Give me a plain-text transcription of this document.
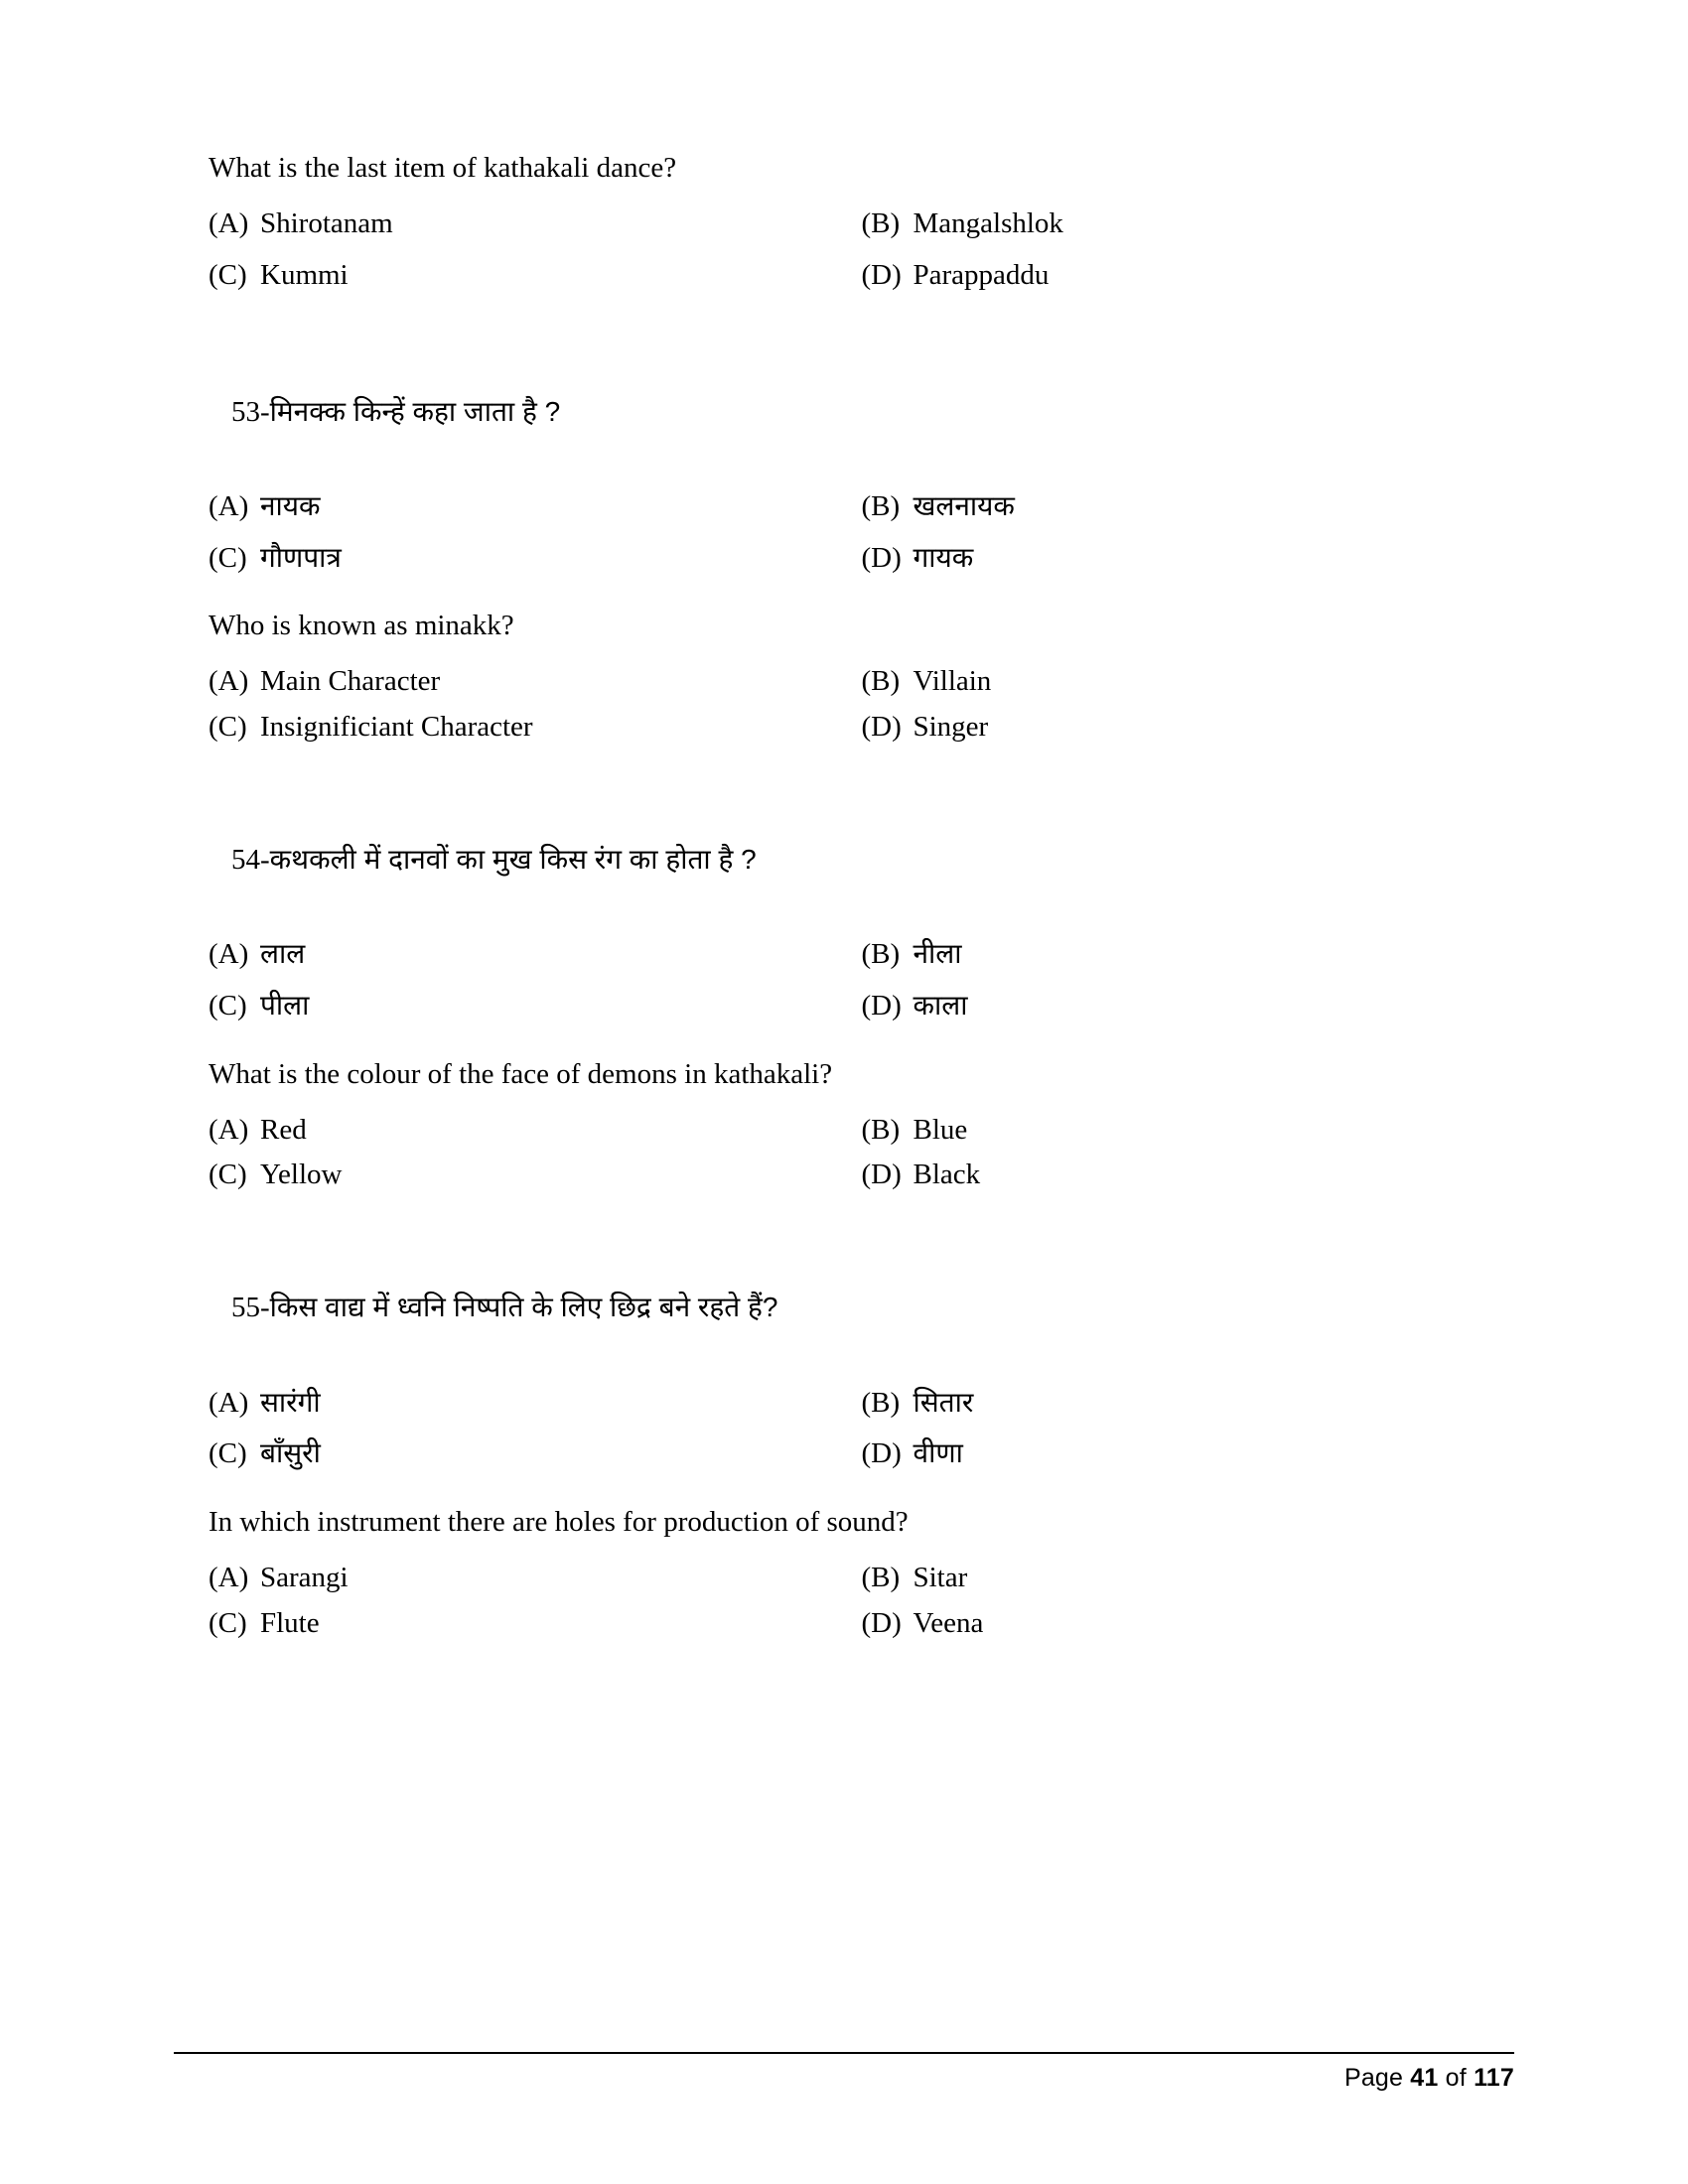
What is the last item of kathakali dance?

(A) Shirotanam	(B) Mangalshlok
(C) Kummi	(D) Parappaddu

53-मिनक्क किन्हें कहा जाता है ?

(A) नायक	(B) खलनायक
(C) गौणपात्र	(D) गायक

Who is known as minakk?

(A) Main Character	(B) Villain
(C) Insignificiant Character	(D) Singer

54-कथकली में दानवों का मुख किस रंग का होता है ?

(A) लाल	(B) नीला
(C) पीला	(D) काला

What is the colour of the face of demons in kathakali?

(A) Red	(B) Blue
(C) Yellow	(D) Black

55-किस वाद्य में ध्वनि निष्पति के लिए छिद्र बने रहते हैं?

(A) सारंगी	(B) सितार
(C) बाँसुरी	(D) वीणा

In which instrument there are holes for production of sound?

(A) Sarangi	(B) Sitar
(C) Flute	(D) Veena
Page 41 of 117
